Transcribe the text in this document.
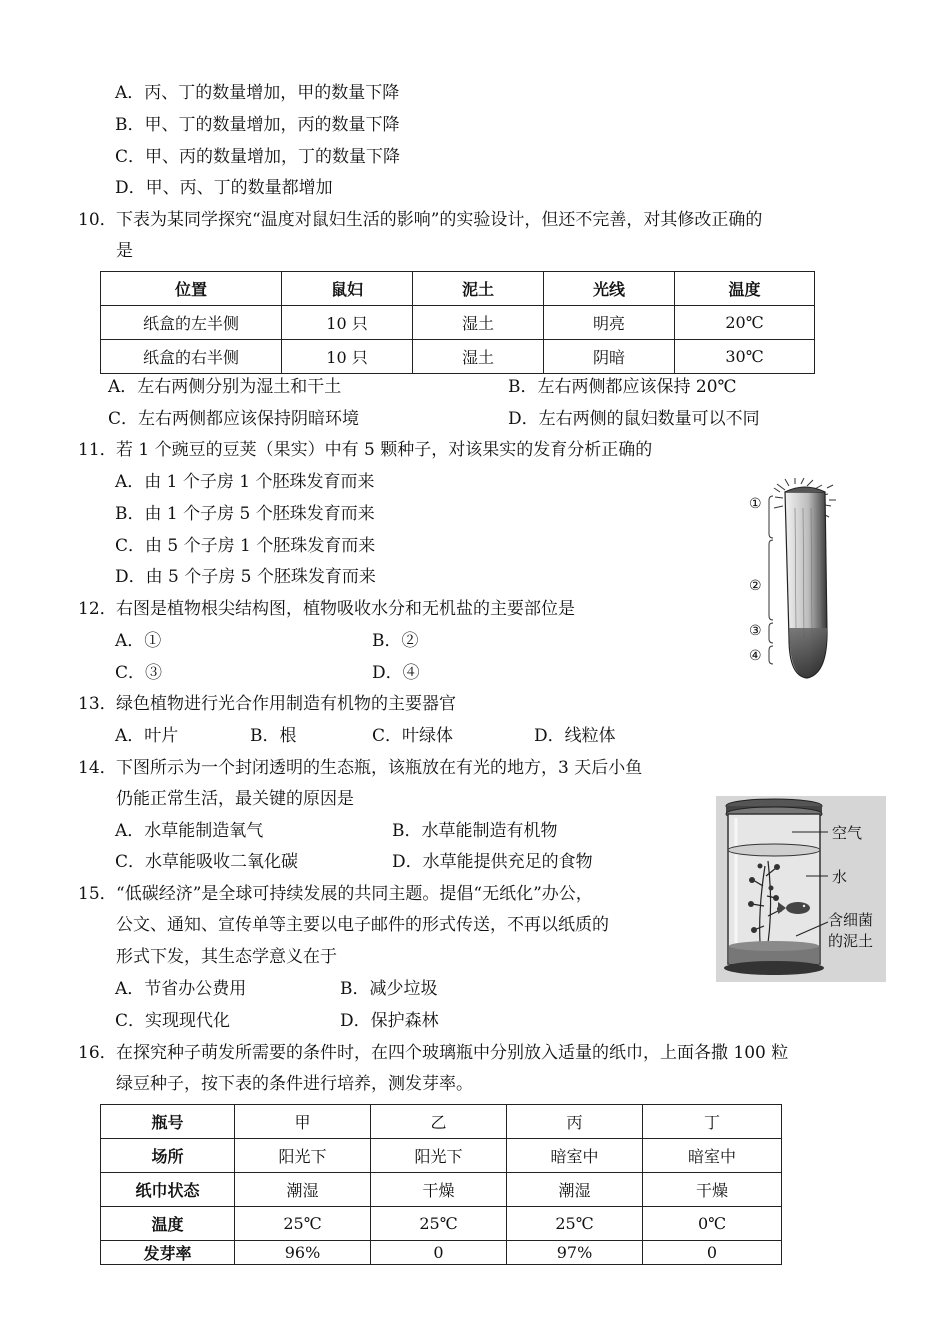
A．丙、丁的数量增加，甲的数量下降
B．甲、丁的数量增加，丙的数量下降
C．甲、丙的数量增加，丁的数量下降
D．甲、丙、丁的数量都增加
10．下表为某同学探究“温度对鼠妇生活的影响”的实验设计，但还不完善，对其修改正确的
是
位置	鼠妇	泥土	光线	温度
纸盒的左半侧	10 只	湿土	明亮	20℃
纸盒的右半侧	10 只	湿土	阴暗	30℃
A．左右两侧分别为湿土和干土	B．左右两侧都应该保持 20℃
C．左右两侧都应该保持阴暗环境	D．左右两侧的鼠妇数量可以不同
11．若 1 个豌豆的豆荚（果实）中有 5 颗种子，对该果实的发育分析正确的
A．由 1 个子房 1 个胚珠发育而来
B．由 1 个子房 5 个胚珠发育而来
C．由 5 个子房 1 个胚珠发育而来
D．由 5 个子房 5 个胚珠发育而来
①
②
③
④
12．右图是植物根尖结构图，植物吸收水分和无机盐的主要部位是
A．①	B．②
C．③	D．④
13．绿色植物进行光合作用制造有机物的主要器官
A．叶片	B．根	C．叶绿体	D．线粒体
14．下图所示为一个封闭透明的生态瓶，该瓶放在有光的地方，3 天后小鱼
仍能正常生活，最关键的原因是
A．水草能制造氧气	B．水草能制造有机物
C．水草能吸收二氧化碳	D．水草能提供充足的食物
空气
水
含细菌
的泥土
15．“低碳经济”是全球可持续发展的共同主题。提倡“无纸化”办公，
公文、通知、宣传单等主要以电子邮件的形式传送，不再以纸质的
形式下发，其生态学意义在于
A．节省办公费用	B．减少垃圾
C．实现现代化	D．保护森林
16．在探究种子萌发所需要的条件时，在四个玻璃瓶中分别放入适量的纸巾，上面各撒 100 粒
绿豆种子，按下表的条件进行培养，测发芽率。
瓶号	甲	乙	丙	丁
场所	阳光下	阳光下	暗室中	暗室中
纸巾状态	潮湿	干燥	潮湿	干燥
温度	25℃	25℃	25℃	0℃
发芽率	96%	0	97%	0
